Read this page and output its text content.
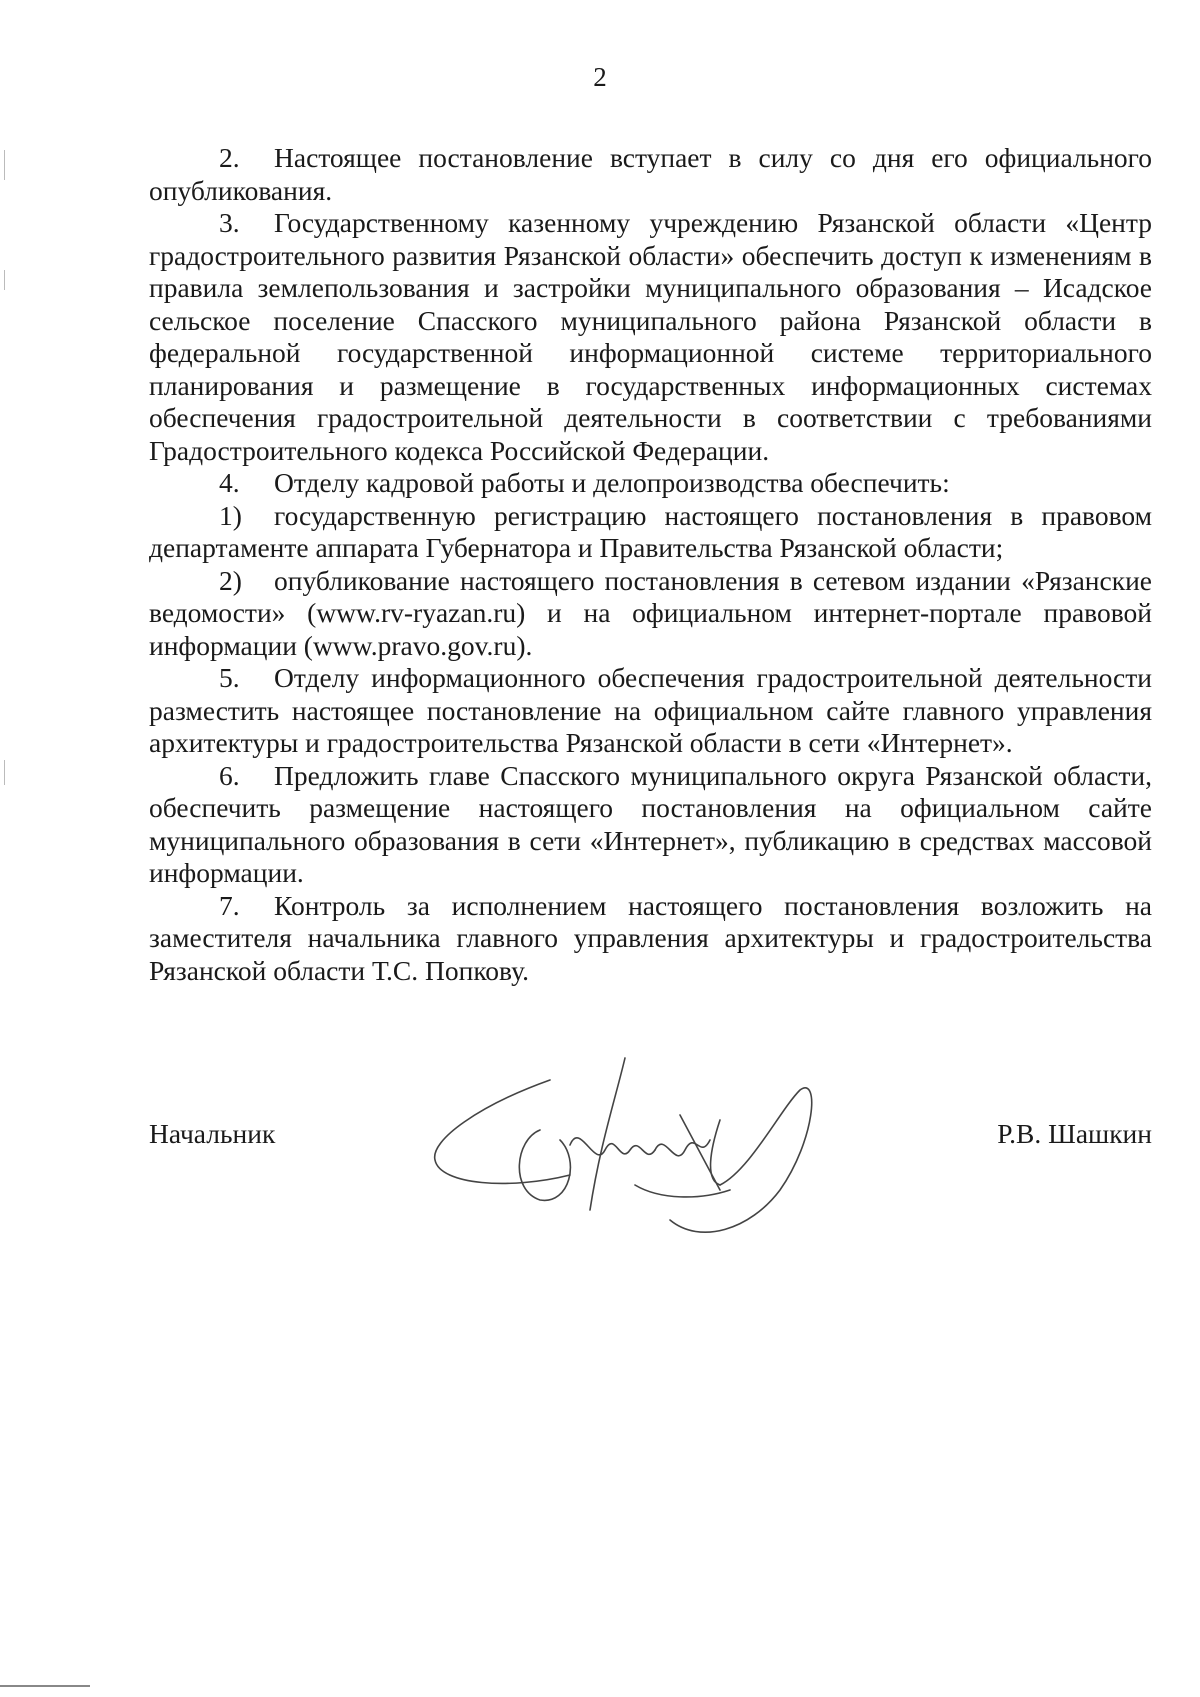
2

2. Настоящее постановление вступает в силу со дня его официального опубликования.

3. Государственному казенному учреждению Рязанской области «Центр градостроительного развития Рязанской области» обеспечить доступ к изменениям в правила землепользования и застройки муниципального образования – Исадское сельское поселение Спасского муниципального района Рязанской области в федеральной государственной информационной системе территориального планирования и размещение в государственных информационных системах обеспечения градостроительной деятельности в соответствии с требованиями Градостроительного кодекса Российской Федерации.

4. Отделу кадровой работы и делопроизводства обеспечить:

1) государственную регистрацию настоящего постановления в правовом департаменте аппарата Губернатора и Правительства Рязанской области;

2) опубликование настоящего постановления в сетевом издании «Рязанские ведомости» (www.rv-ryazan.ru) и на официальном интернет-портале правовой информации (www.pravo.gov.ru).

5. Отделу информационного обеспечения градостроительной деятельности разместить настоящее постановление на официальном сайте главного управления архитектуры и градостроительства Рязанской области в сети «Интернет».

6. Предложить главе Спасского муниципального округа Рязанской области, обеспечить размещение настоящего постановления на официальном сайте муниципального образования в сети «Интернет», публикацию в средствах массовой информации.

7. Контроль за исполнением настоящего постановления возложить на заместителя начальника главного управления архитектуры и градостроительства Рязанской области Т.С. Попкову.

Начальник	Р.В. Шашкин
